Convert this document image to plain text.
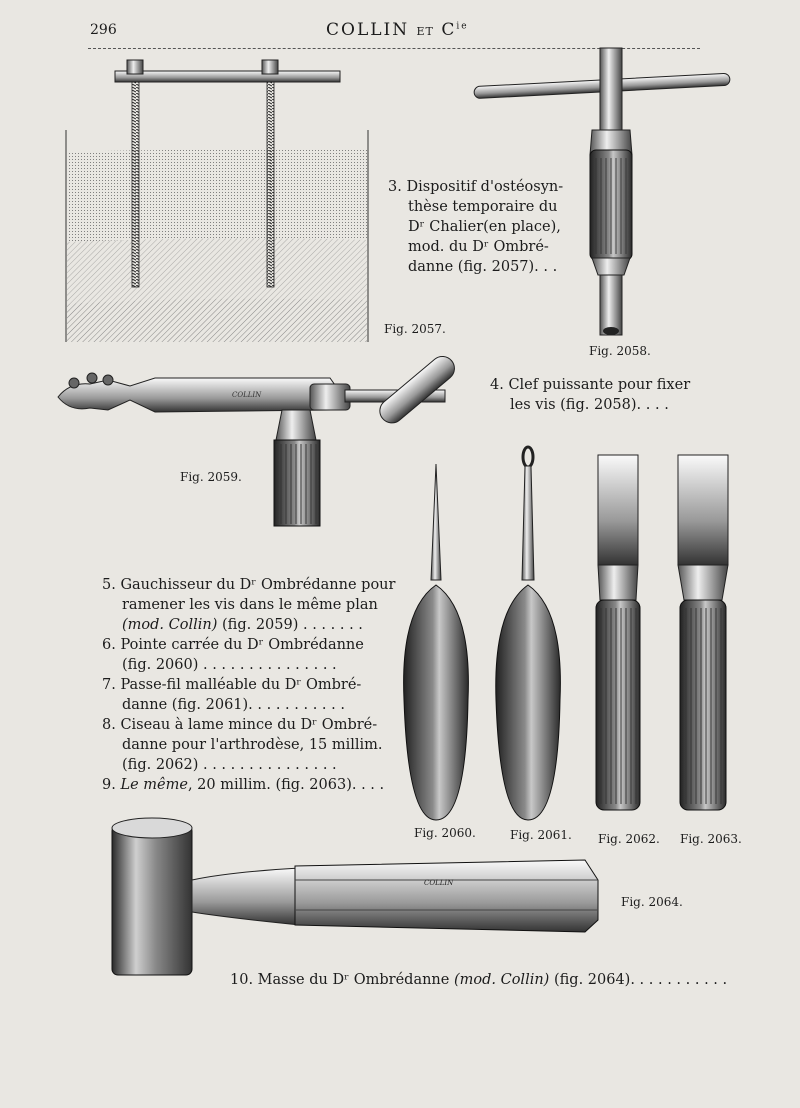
296	COLLIN ET $C^{ie}$
Fig. 2057.
Fig. 2058.

3. Dispositif d'ostéosyn-

thèse temporaire du

Dʳ Chalier(en place),

mod. du Dʳ Ombré-

danne (fig. 2057). . .

4. Clef puissante pour fixer

les vis (fig. 2058). . . .

COLLIN
Fig. 2059.
Fig. 2060.	Fig. 2061. Fig. 2062. Fig. 2063.

5. Gauchisseur du Dʳ Ombrédanne pour

ramener les vis dans le même plan

(mod. Collin) (fig. 2059) . . . . . . .

6. Pointe carrée du Dʳ Ombrédanne

(fig. 2060) . . . . . . . . . . . . . . .

7. Passe-fil malléable du Dʳ Ombré-

danne (fig. 2061). . . . . . . . . . .

8. Ciseau à lame mince du Dʳ Ombré-

danne pour l'arthrodèse, 15 millim.

(fig. 2062) . . . . . . . . . . . . . . .

9. Le même, 20 millim. (fig. 2063). . . .

COLLIN
Fig. 2064.

10. Masse du Dʳ Ombrédanne (mod. Collin) (fig. 2064). . . . . . . . . . .
